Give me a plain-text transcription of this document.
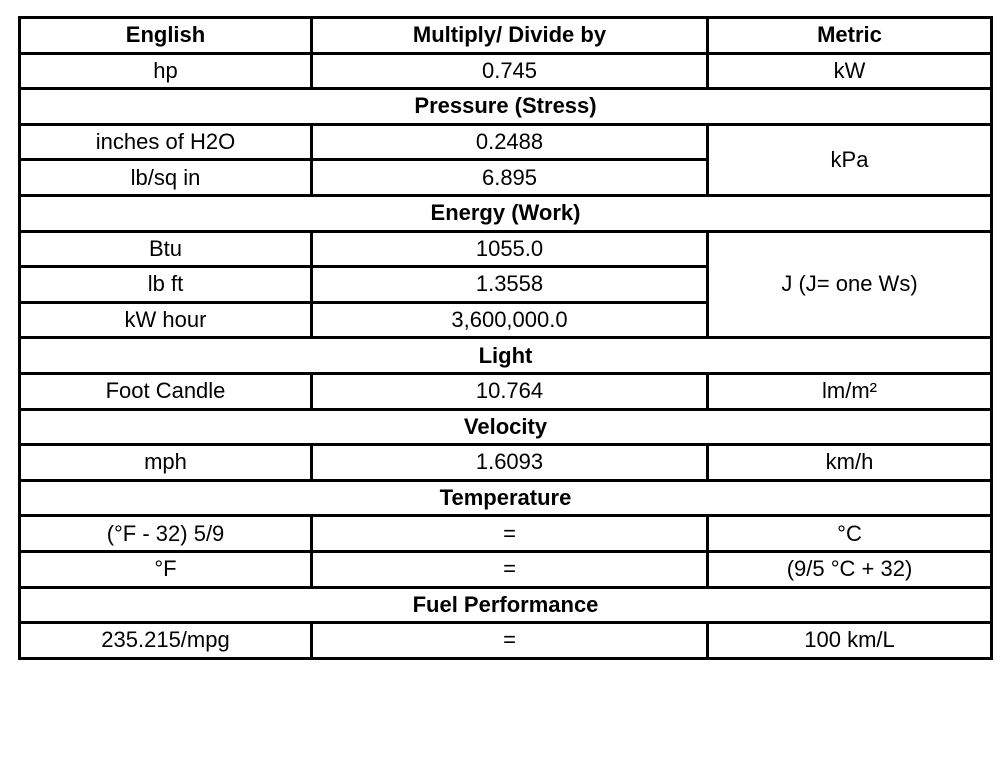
English	Multiply/ Divide by	Metric
hp	0.745	kW
Pressure (Stress)		
inches of H2O	0.2488	kPa
lb/sq in	6.895	
Energy (Work)		
Btu	1055.0	J (J= one Ws)
lb ft	1.3558	
kW hour	3,600,000.0	
Light		
Foot Candle	10.764	lm/m²
Velocity		
mph	1.6093	km/h
Temperature		
(°F - 32) 5/9	=	°C
°F	=	(9/5 °C + 32)
Fuel Performance		
235.215/mpg	=	100 km/L
